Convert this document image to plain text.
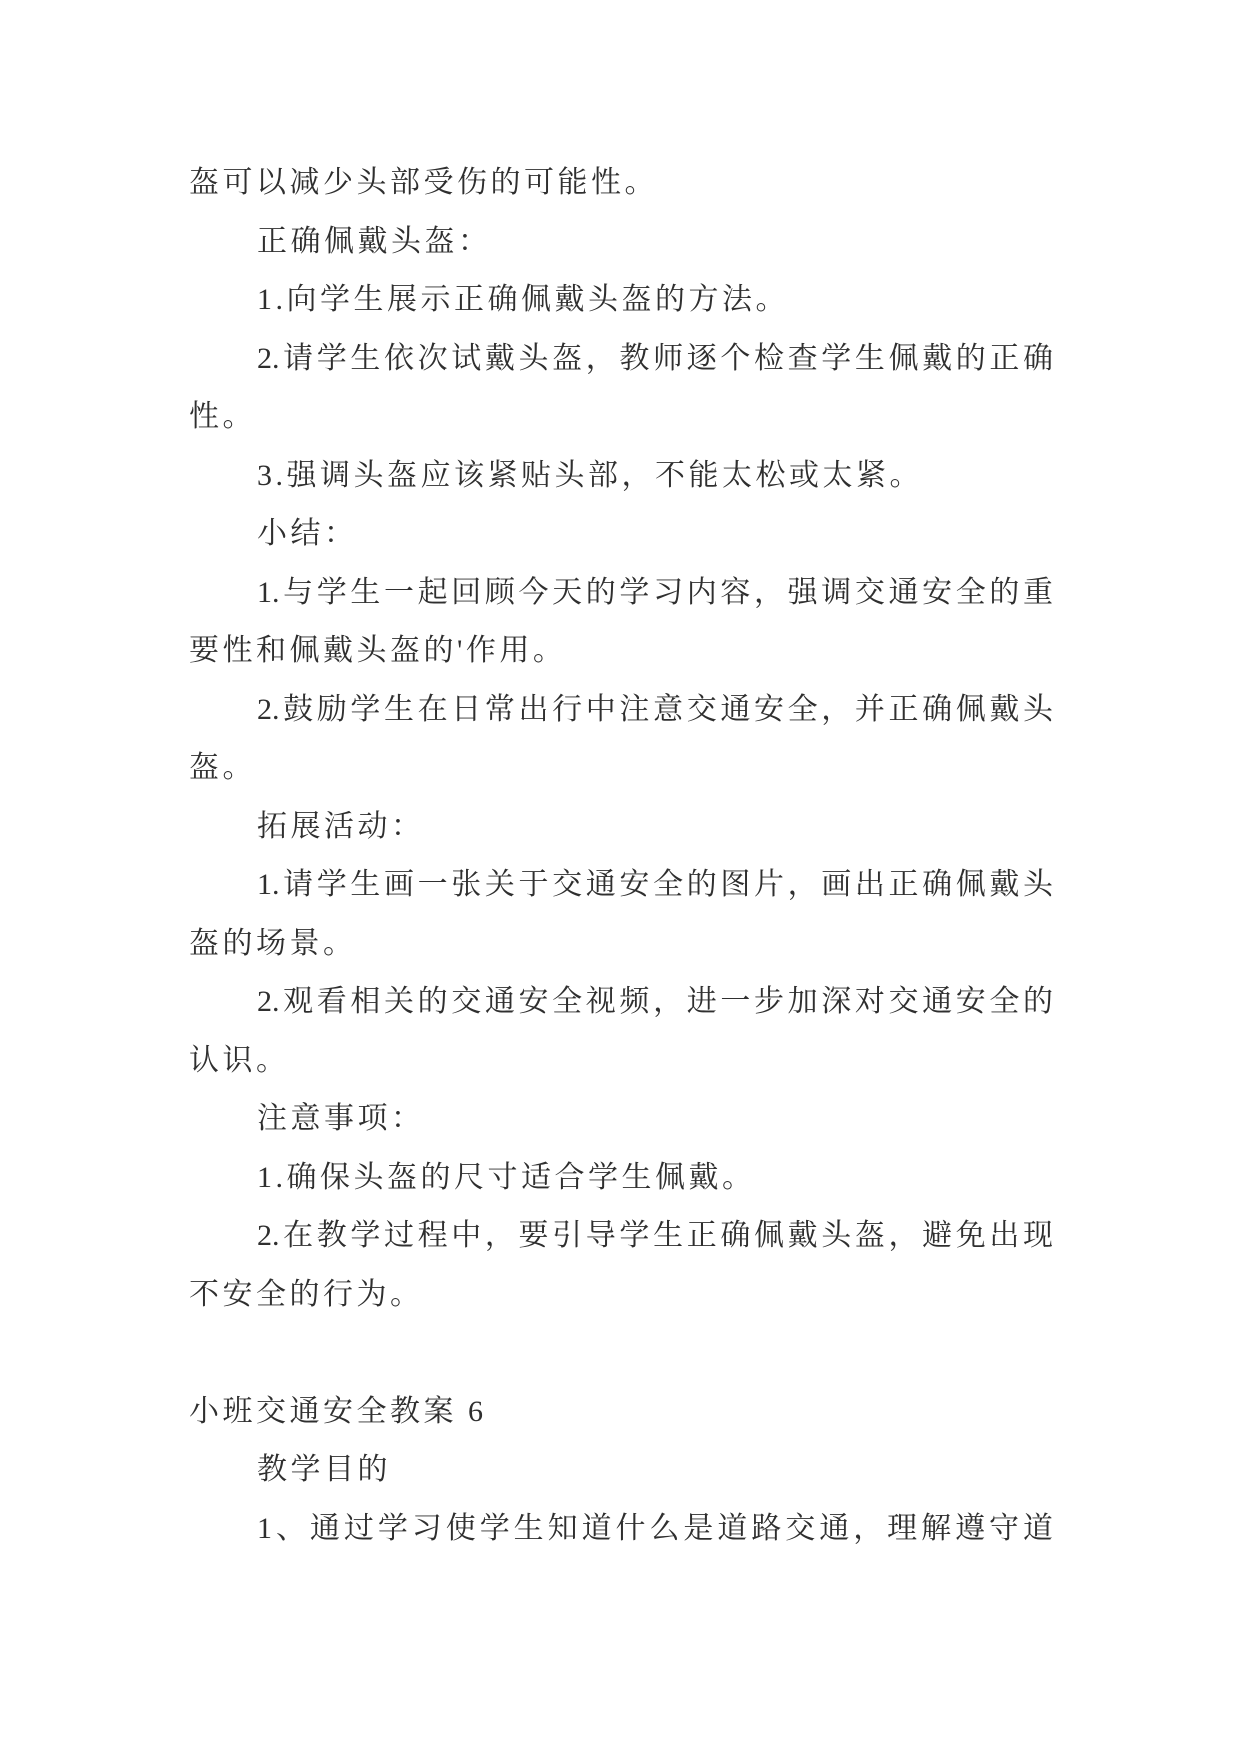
盔可以减少头部受伤的可能性。
正确佩戴头盔：
1.向学生展示正确佩戴头盔的方法。
2.请学生依次试戴头盔，教师逐个检查学生佩戴的正确
性。
3.强调头盔应该紧贴头部，不能太松或太紧。
小结：
1.与学生一起回顾今天的学习内容，强调交通安全的重
要性和佩戴头盔的'作用。
2.鼓励学生在日常出行中注意交通安全，并正确佩戴头
盔。
拓展活动：
1.请学生画一张关于交通安全的图片，画出正确佩戴头
盔的场景。
2.观看相关的交通安全视频，进一步加深对交通安全的
认识。
注意事项：
1.确保头盔的尺寸适合学生佩戴。
2.在教学过程中，要引导学生正确佩戴头盔，避免出现
不安全的行为。
小班交通安全教案 6
教学目的
1、通过学习使学生知道什么是道路交通，理解遵守道
